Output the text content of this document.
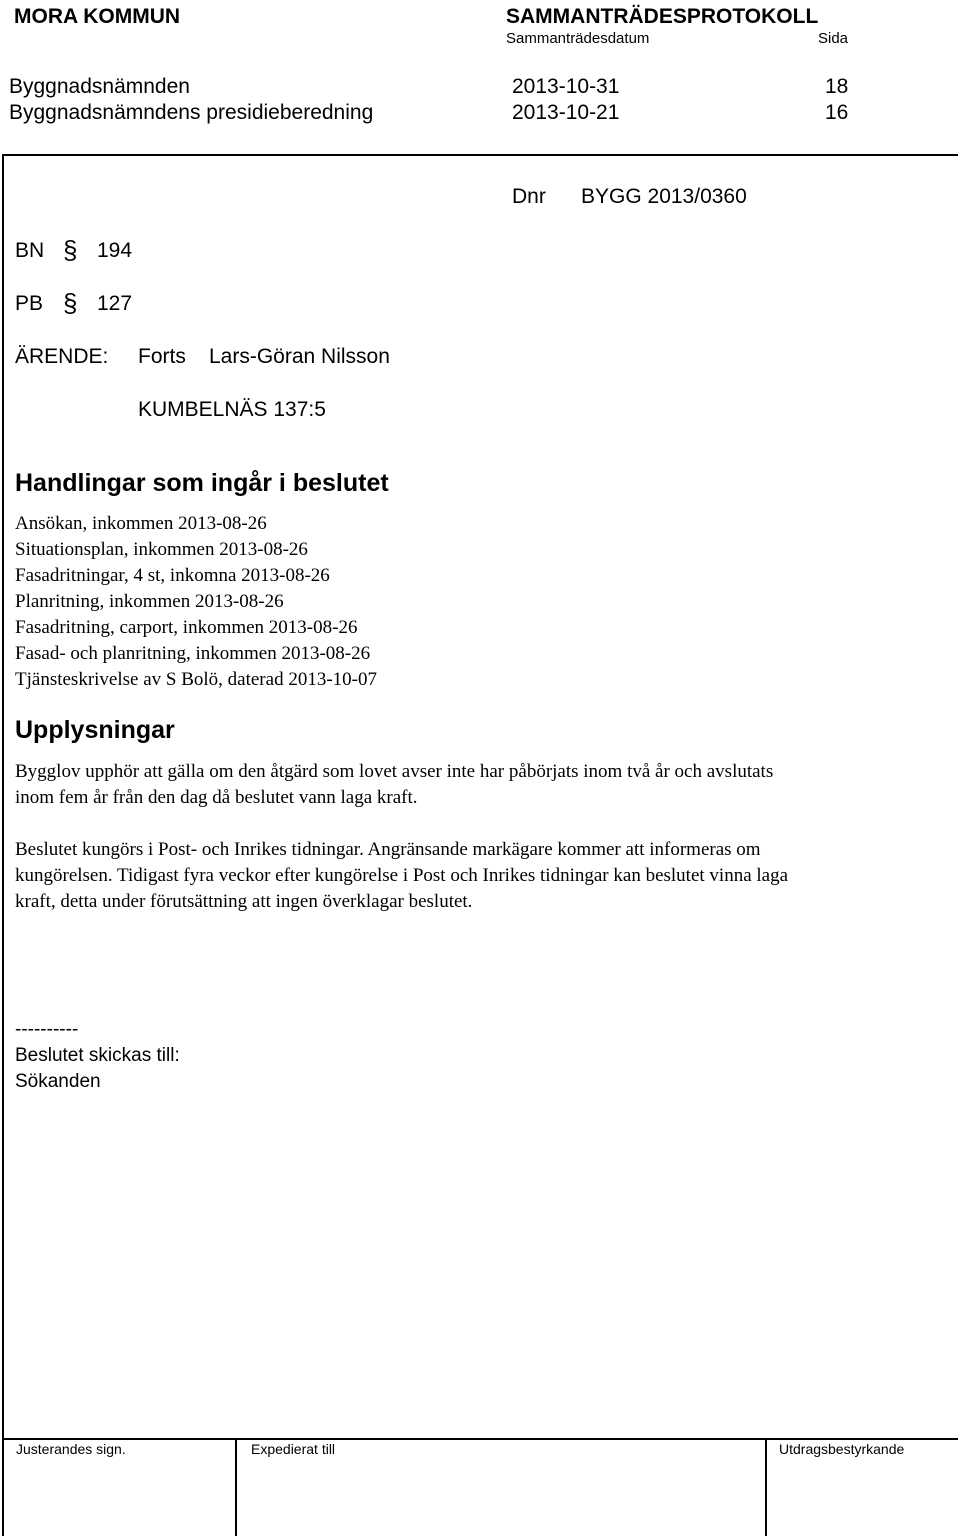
MORA KOMMUN	SAMMANTRÄDESPROTOKOLL
Sammanträdesdatum	Sida
Byggnadsnämnden	2013-10-31	18
Byggnadsnämndens presidieberedning	2013-10-21	16
Dnr BYGG 2013/0360
BN § 194
PB § 127
ÄRENDE: Forts Lars-Göran Nilsson
KUMBELNÄS 137:5
Handlingar som ingår i beslutet
Ansökan, inkommen 2013-08-26
Situationsplan, inkommen 2013-08-26
Fasadritningar, 4 st, inkomna 2013-08-26
Planritning, inkommen 2013-08-26
Fasadritning, carport, inkommen 2013-08-26
Fasad- och planritning, inkommen 2013-08-26
Tjänsteskrivelse av S Bolö, daterad 2013-10-07
Upplysningar
Bygglov upphör att gälla om den åtgärd som lovet avser inte har påbörjats inom två år och avslutats
inom fem år från den dag då beslutet vann laga kraft.
Beslutet kungörs i Post- och Inrikes tidningar. Angränsande markägare kommer att informeras om
kungörelsen. Tidigast fyra veckor efter kungörelse i Post och Inrikes tidningar kan beslutet vinna laga
kraft, detta under förutsättning att ingen överklagar beslutet.
----------
Beslutet skickas till:
Sökanden
Justerandes sign.	Expedierat till	Utdragsbestyrkande
